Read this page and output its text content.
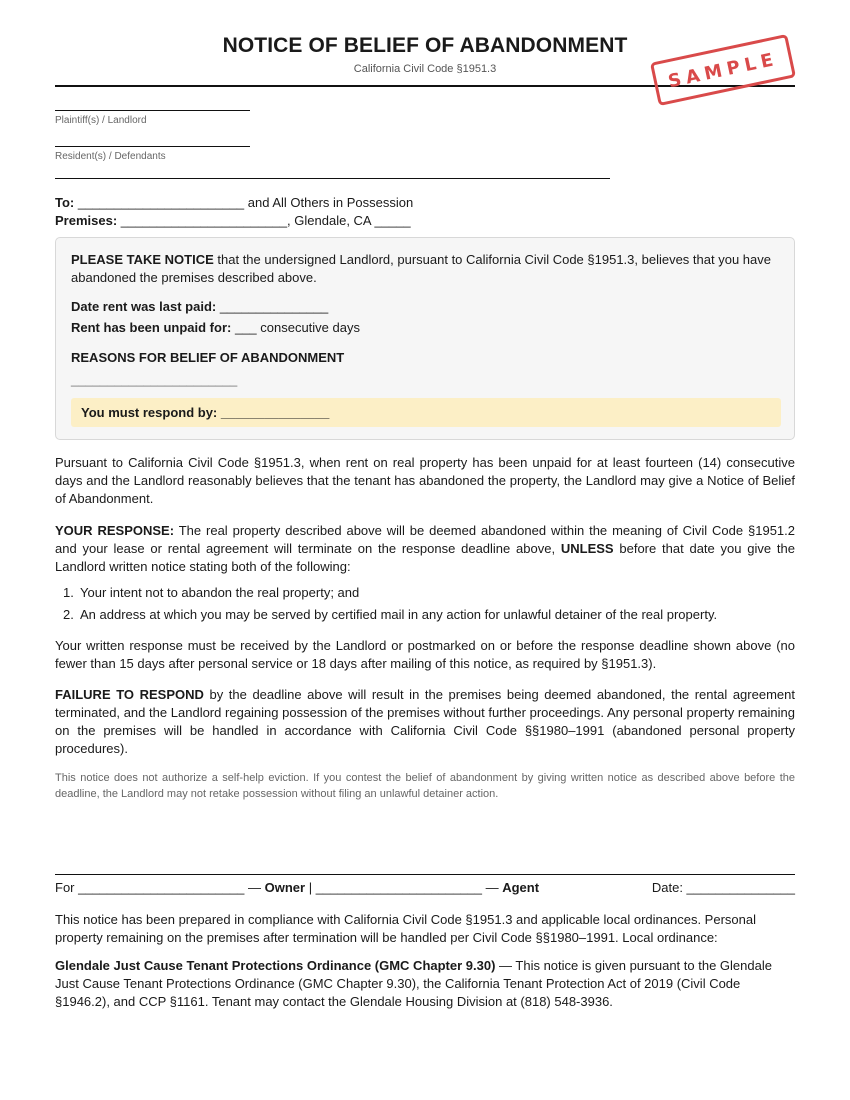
NOTICE OF BELIEF OF ABANDONMENT
California Civil Code §1951.3	SAMPLE
Plaintiff(s) / Landlord
Resident(s) / Defendants
To: _______________________ and All Others in Possession
Premises: _______________________, Glendale, CA _____
PLEASE TAKE NOTICE that the undersigned Landlord, pursuant to California Civil Code §1951.3, believes that you have abandoned the premises described above.
Date rent was last paid: _______________
Rent has been unpaid for: ___ consecutive days
REASONS FOR BELIEF OF ABANDONMENT
_______________________
You must respond by: _______________
Pursuant to California Civil Code §1951.3, when rent on real property has been unpaid for at least fourteen (14) consecutive days and the Landlord reasonably believes that the tenant has abandoned the property, the Landlord may give a Notice of Belief of Abandonment.
YOUR RESPONSE: The real property described above will be deemed abandoned within the meaning of Civil Code §1951.2 and your lease or rental agreement will terminate on the response deadline above, UNLESS before that date you give the Landlord written notice stating both of the following:
1. Your intent not to abandon the real property; and
2. An address at which you may be served by certified mail in any action for unlawful detainer of the real property.
Your written response must be received by the Landlord or postmarked on or before the response deadline shown above (no fewer than 15 days after personal service or 18 days after mailing of this notice, as required by §1951.3).
FAILURE TO RESPOND by the deadline above will result in the premises being deemed abandoned, the rental agreement terminated, and the Landlord regaining possession of the premises without further proceedings. Any personal property remaining on the premises will be handled in accordance with California Civil Code §§1980–1991 (abandoned personal property procedures).
This notice does not authorize a self-help eviction. If you contest the belief of abandonment by giving written notice as described above before the deadline, the Landlord may not retake possession without filing an unlawful detainer action.
For _______________________ — Owner | _______________________ — Agent	Date: _______________
This notice has been prepared in compliance with California Civil Code §1951.3 and applicable local ordinances. Personal property remaining on the premises after termination will be handled per Civil Code §§1980–1991. Local ordinance:
Glendale Just Cause Tenant Protections Ordinance (GMC Chapter 9.30) — This notice is given pursuant to the Glendale Just Cause Tenant Protections Ordinance (GMC Chapter 9.30), the California Tenant Protection Act of 2019 (Civil Code §1946.2), and CCP §1161. Tenant may contact the Glendale Housing Division at (818) 548-3936.
